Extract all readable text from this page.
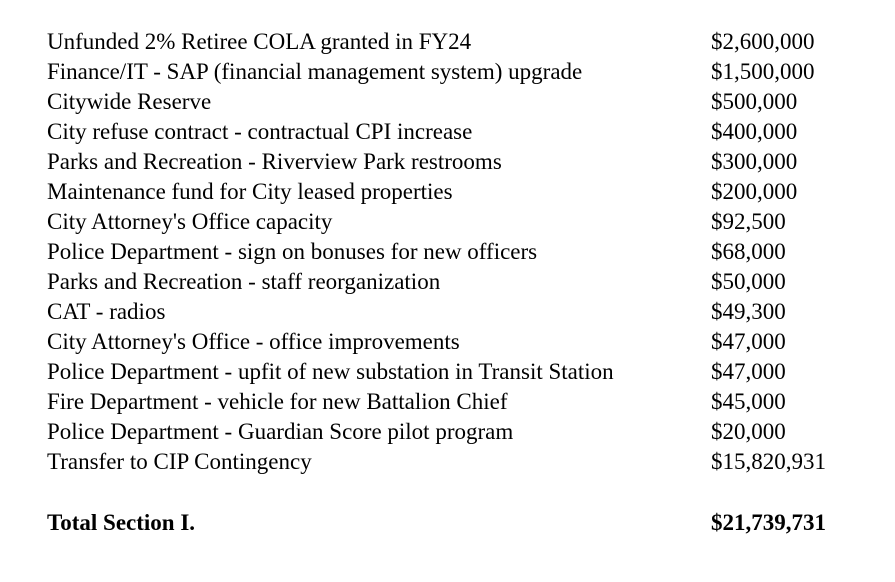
Unfunded 2% Retiree COLA granted in FY24	$2,600,000
Finance/IT - SAP (financial management system) upgrade	$1,500,000
Citywide Reserve	$500,000
City refuse contract - contractual CPI increase	$400,000
Parks and Recreation - Riverview Park restrooms	$300,000
Maintenance fund for City leased properties	$200,000
City Attorney's Office capacity	$92,500
Police Department - sign on bonuses for new officers	$68,000
Parks and Recreation - staff reorganization	$50,000
CAT - radios	$49,300
City Attorney's Office - office improvements	$47,000
Police Department - upfit of new substation in Transit Station	$47,000
Fire Department - vehicle for new Battalion Chief	$45,000
Police Department - Guardian Score pilot program	$20,000
Transfer to CIP Contingency	$15,820,931
Total Section I.	$21,739,731
